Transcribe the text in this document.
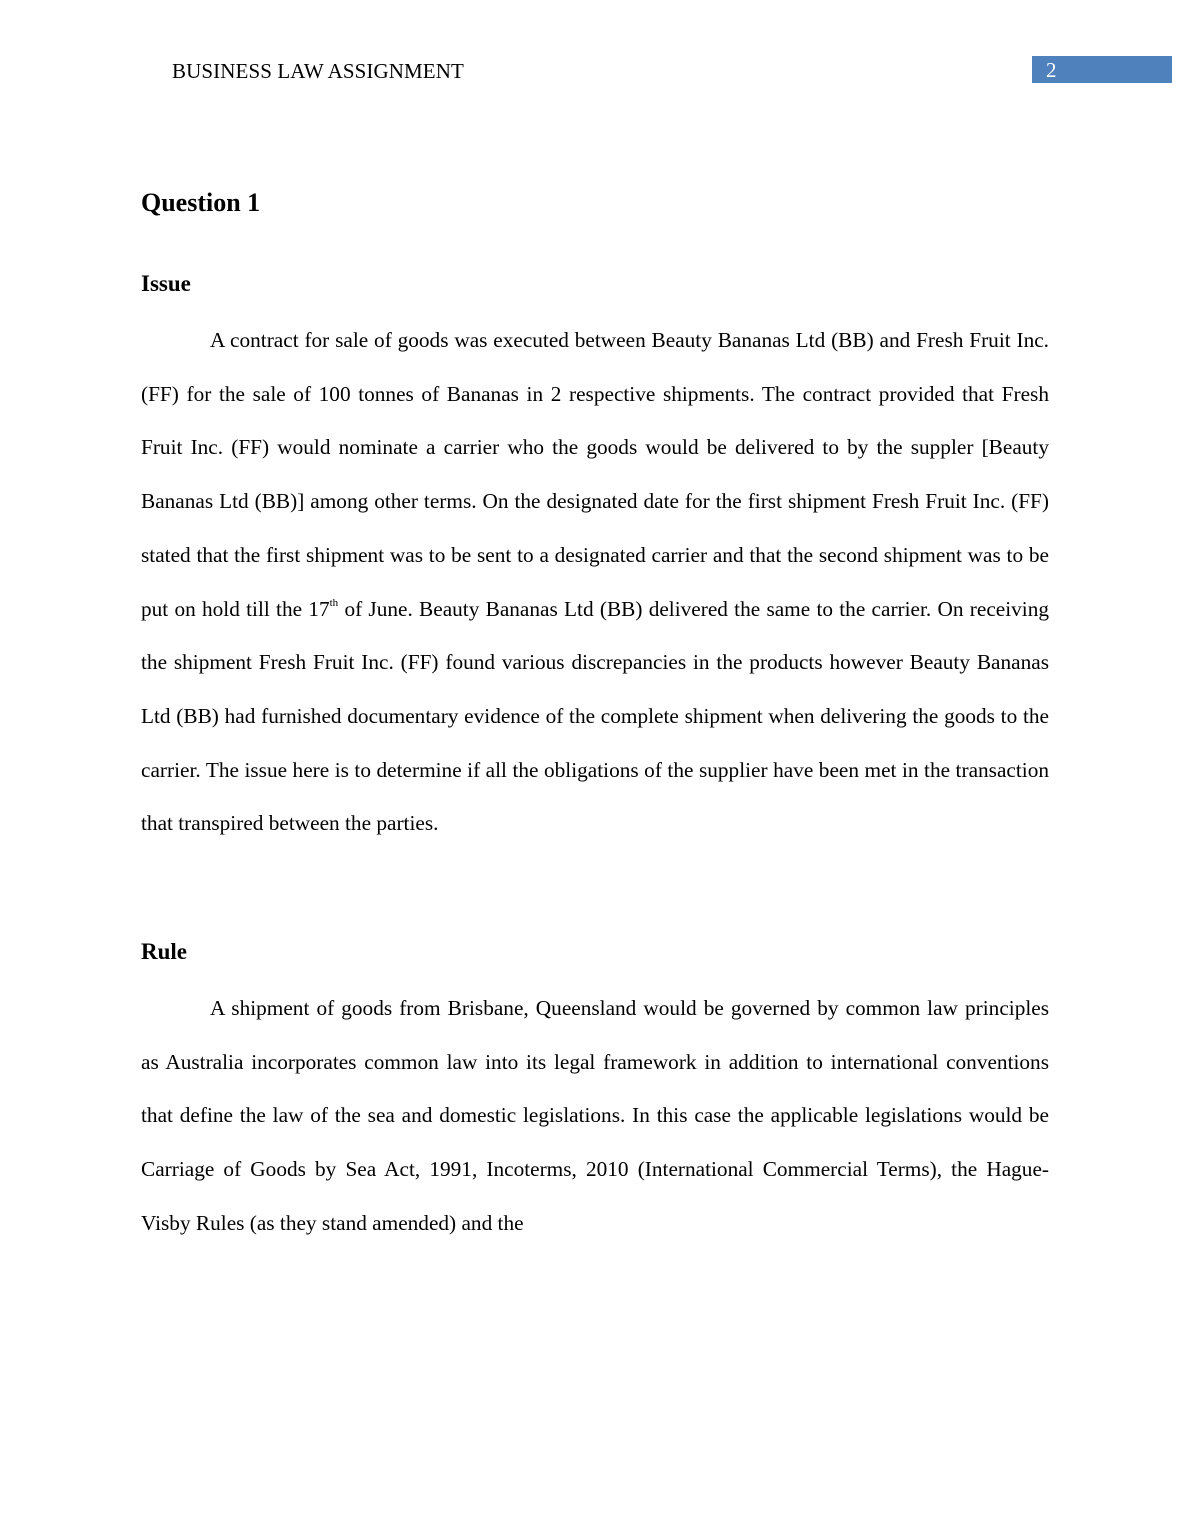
BUSINESS LAW ASSIGNMENT	2
Question 1
Issue

A contract for sale of goods was executed between Beauty Bananas Ltd (BB) and Fresh Fruit Inc. (FF) for the sale of 100 tonnes of Bananas in 2 respective shipments. The contract provided that Fresh Fruit Inc. (FF) would nominate a carrier who the goods would be delivered to by the suppler [Beauty Bananas Ltd (BB)] among other terms. On the designated date for the first shipment Fresh Fruit Inc. (FF) stated that the first shipment was to be sent to a designated carrier and that the second shipment was to be put on hold till the 17th of June. Beauty Bananas Ltd (BB) delivered the same to the carrier. On receiving the shipment Fresh Fruit Inc. (FF) found various discrepancies in the products however Beauty Bananas Ltd (BB) had furnished documentary evidence of the complete shipment when delivering the goods to the carrier. The issue here is to determine if all the obligations of the supplier have been met in the transaction that transpired between the parties.

Rule

A shipment of goods from Brisbane, Queensland would be governed by common law principles as Australia incorporates common law into its legal framework in addition to international conventions that define the law of the sea and domestic legislations. In this case the applicable legislations would be Carriage of Goods by Sea Act, 1991, Incoterms, 2010 (International Commercial Terms), the Hague-Visby Rules (as they stand amended) and the
